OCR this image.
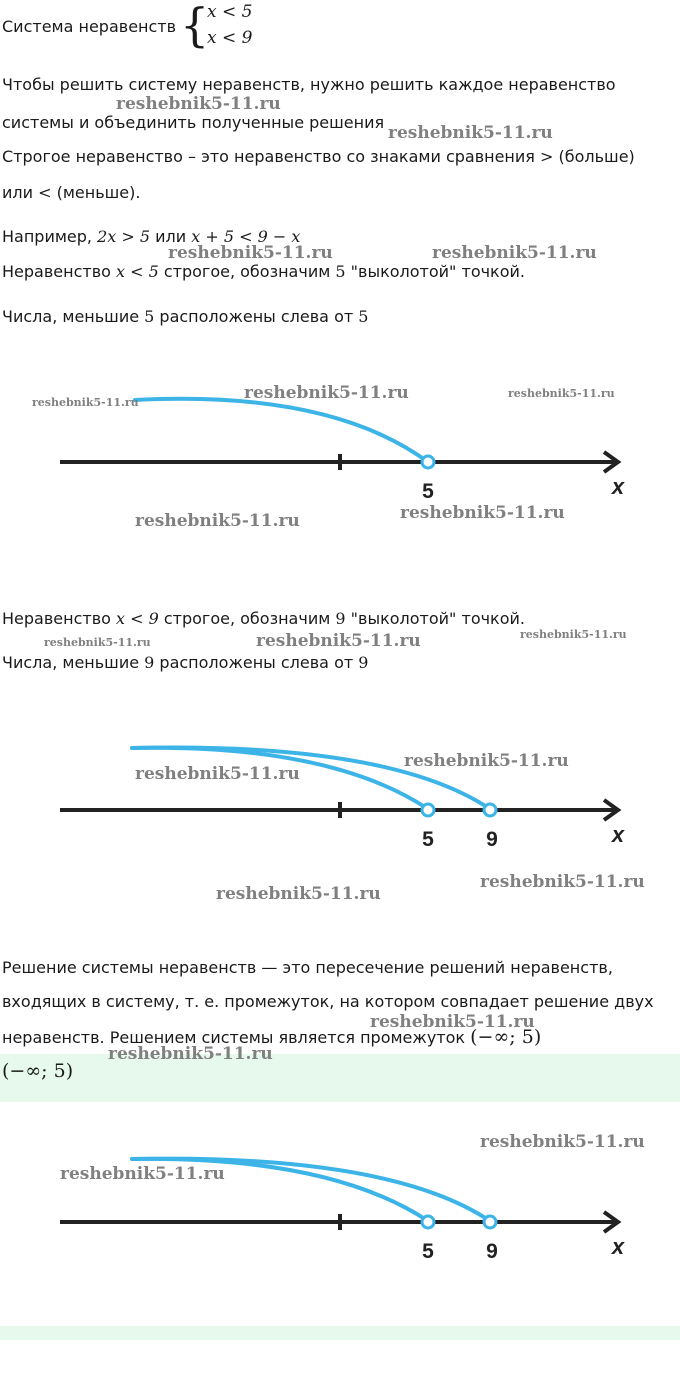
Система неравенств {
x < 5
x < 9
Чтобы решить систему неравенств, нужно решить каждое неравенство
системы и объединить полученные решения
Строгое неравенство – это неравенство со знаками сравнения > (больше)
или < (меньше).
Например, 2x > 5 или x + 5 < 9 − x
Неравенство x < 5 строгое, обозначим 5 "выколотой" точкой.
Числа, меньшие 5 расположены слева от 5
5	x
Неравенство x < 9 строгое, обозначим 9 "выколотой" точкой.
Числа, меньшие 9 расположены слева от 9
5 9	x
Решение системы неравенств — это пересечение решений неравенств,
входящих в систему, т. е. промежуток, на котором совпадает решение двух
неравенств. Решением системы является промежуток (−∞; 5)
(−∞; 5)
5 9	x
reshebnik5-11.ru
reshebnik5-11.ru
reshebnik5-11.ru	reshebnik5-11.ru
reshebnik5-11.ru	reshebnik5-11.ru	reshebnik5-11.ru
reshebnik5-11.ru
reshebnik5-11.ru
reshebnik5-11.ru	reshebnik5-11.ru	reshebnik5-11.ru
reshebnik5-11.ru
reshebnik5-11.ru
reshebnik5-11.ru
reshebnik5-11.ru
reshebnik5-11.ru
reshebnik5-11.ru
reshebnik5-11.ru
reshebnik5-11.ru
